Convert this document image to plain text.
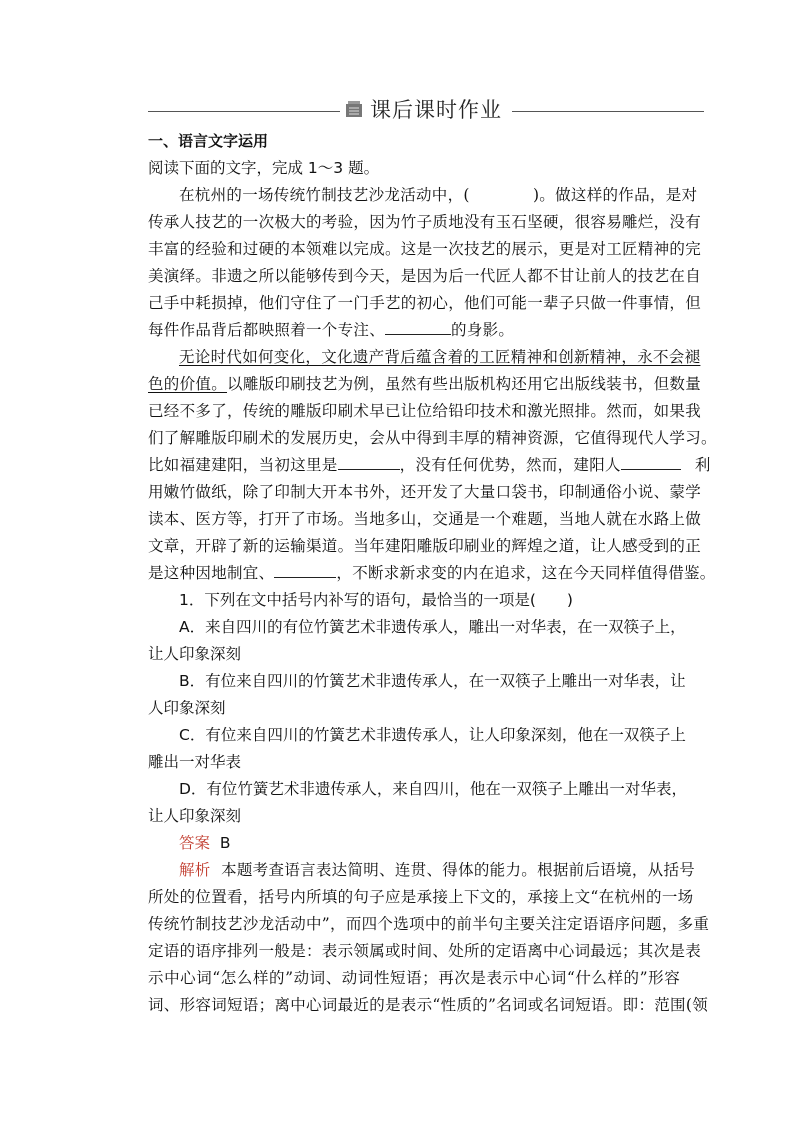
课后课时作业
一、语言文字运用
阅读下面的文字，完成 1～3 题。
在杭州的一场传统竹制技艺沙龙活动中，(　　　　)。做这样的作品，是对
传承人技艺的一次极大的考验，因为竹子质地没有玉石坚硬，很容易雕烂，没有
丰富的经验和过硬的本领难以完成。这是一次技艺的展示，更是对工匠精神的完
美演绎。非遗之所以能够传到今天，是因为后一代匠人都不甘让前人的技艺在自
己手中耗损掉，他们守住了一门手艺的初心，他们可能一辈子只做一件事情，但
每件作品背后都映照着一个专注、	的身影。
无论时代如何变化，文化遗产背后蕴含着的工匠精神和创新精神，永不会褪
色的价值。以雕版印刷技艺为例，虽然有些出版机构还用它出版线装书，但数量
已经不多了，传统的雕版印刷术早已让位给铅印技术和激光照排。然而，如果我
们了解雕版印刷术的发展历史，会从中得到丰厚的精神资源，它值得现代人学习。
比如福建建阳，当初这里是	，没有任何优势，然而，建阳人	利
用嫩竹做纸，除了印制大开本书外，还开发了大量口袋书，印制通俗小说、蒙学
读本、医方等，打开了市场。当地多山，交通是一个难题，当地人就在水路上做
文章，开辟了新的运输渠道。当年建阳雕版印刷业的辉煌之道，让人感受到的正
是这种因地制宜、	，不断求新求变的内在追求，这在今天同样值得借鉴。
1．下列在文中括号内补写的语句，最恰当的一项是(　　)
A．来自四川的有位竹簧艺术非遗传承人，雕出一对华表，在一双筷子上，
让人印象深刻
B．有位来自四川的竹簧艺术非遗传承人，在一双筷子上雕出一对华表，让
人印象深刻
C．有位来自四川的竹簧艺术非遗传承人，让人印象深刻，他在一双筷子上
雕出一对华表
D．有位竹簧艺术非遗传承人，来自四川，他在一双筷子上雕出一对华表，
让人印象深刻
答案 B
解析 本题考查语言表达简明、连贯、得体的能力。根据前后语境，从括号
所处的位置看，括号内所填的句子应是承接上下文的，承接上文“在杭州的一场
传统竹制技艺沙龙活动中”，而四个选项中的前半句主要关注定语语序问题，多重
定语的语序排列一般是：表示领属或时间、处所的定语离中心词最远；其次是表
示中心词“怎么样的”动词、动词性短语；再次是表示中心词“什么样的”形容
词、形容词短语；离中心词最近的是表示“性质的”名词或名词短语。即：范围(领
